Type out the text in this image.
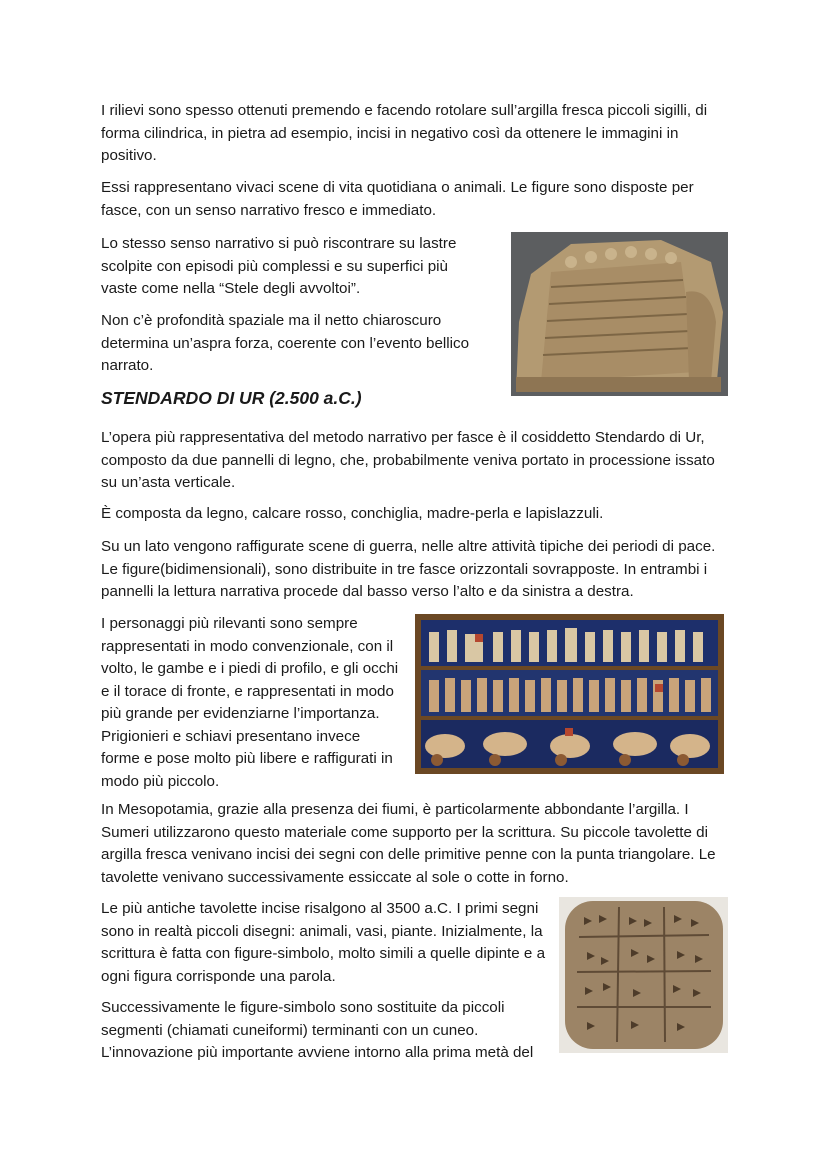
I rilievi sono spesso ottenuti premendo e facendo rotolare sull’argilla fresca piccoli sigilli, di forma cilindrica, in pietra ad esempio, incisi in negativo così da ottenere le immagini in positivo.

Essi rappresentano vivaci scene di vita quotidiana o animali. Le figure sono disposte per fasce, con un senso narrativo fresco e immediato.

Lo stesso senso narrativo si può riscontrare su lastre scolpite con episodi più complessi e su superfici più vaste come nella “Stele degli avvoltoi”.

Non c’è profondità spaziale ma il netto chiaroscuro determina un’aspra forza, coerente con l’evento bellico narrato.

STENDARDO DI UR (2.500 a.C.)

L’opera più rappresentativa del metodo narrativo per fasce è il cosiddetto Stendardo di Ur, composto da due pannelli di legno, che, probabilmente veniva portato in processione issato su un’asta verticale.

È composta da legno, calcare rosso, conchiglia, madre-perla e lapislazzuli.

Su un lato vengono raffigurate scene di guerra, nelle altre attività tipiche dei periodi di pace. Le figure(bidimensionali), sono distribuite in tre fasce orizzontali sovrapposte. In entrambi i pannelli la lettura narrativa procede dal basso verso l’alto e da sinistra a destra.

I personaggi più rilevanti sono sempre rappresentati in modo convenzionale, con il volto, le gambe e i piedi di profilo, e gli occhi e il torace di fronte, e rappresentati in modo più grande per evidenziarne l’importanza. Prigionieri e schiavi presentano invece forme e pose molto più libere e raffigurati in modo più piccolo.

In Mesopotamia, grazie alla presenza dei fiumi, è particolarmente abbondante l’argilla. I Sumeri utilizzarono questo materiale come supporto per la scrittura. Su piccole tavolette di argilla fresca venivano incisi dei segni con delle primitive penne con la punta triangolare. Le tavolette venivano successivamente essiccate al sole o cotte in forno.

Le più antiche tavolette incise risalgono al 3500 a.C. I primi segni sono in realtà piccoli disegni: animali, vasi, piante. Inizialmente, la scrittura è fatta con figure-simbolo, molto simili a quelle dipinte e a ogni figura corrisponde una parola.

Successivamente le figure-simbolo sono sostituite da piccoli segmenti (chiamati cuneiformi) terminanti con un cuneo. L’innovazione più importante avviene intorno alla prima metà del
